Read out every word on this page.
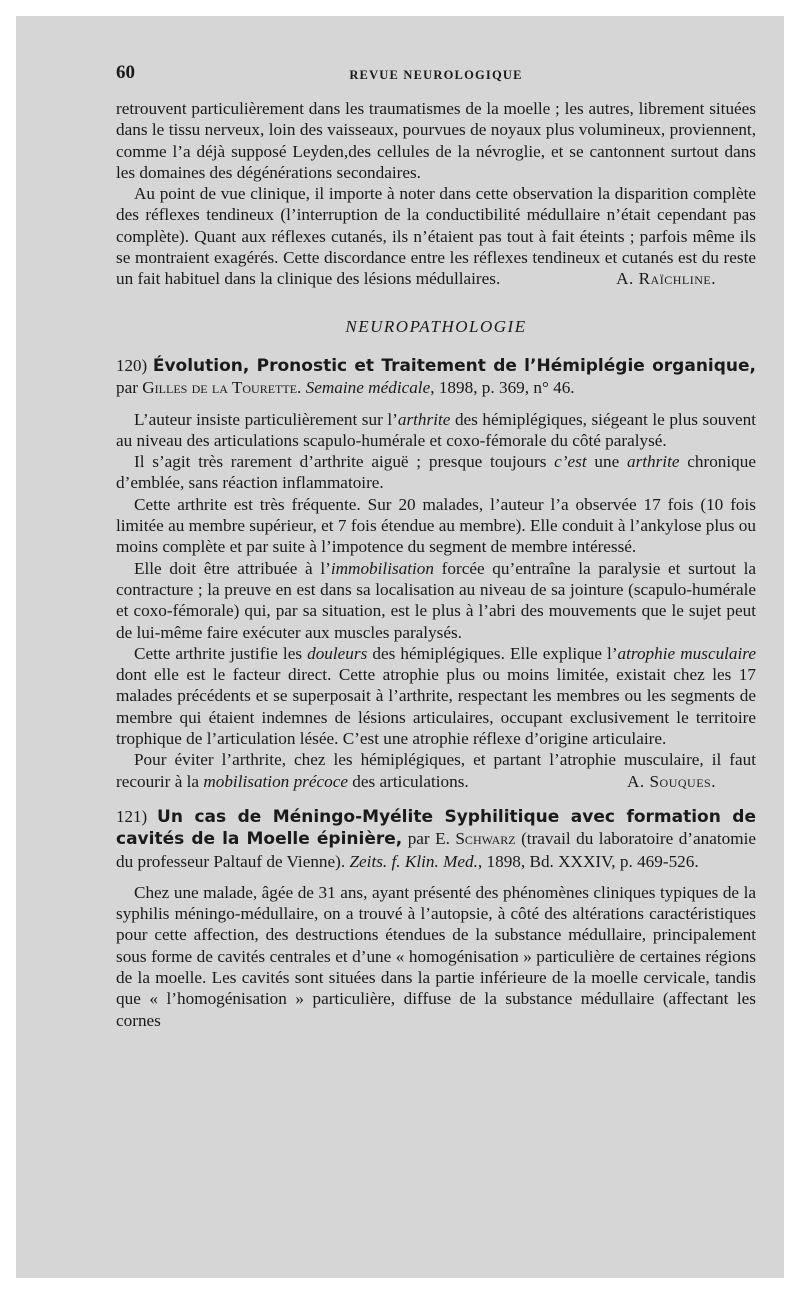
60	REVUE NEUROLOGIQUE

retrouvent particulièrement dans les traumatismes de la moelle ; les autres, librement situées dans le tissu nerveux, loin des vaisseaux, pourvues de noyaux plus volumineux, proviennent, comme l’a déjà supposé Leyden,des cellules de la névroglie, et se cantonnent surtout dans les domaines des dégénérations secondaires.

Au point de vue clinique, il importe à noter dans cette observation la disparition complète des réflexes tendineux (l’interruption de la conductibilité médullaire n’était cependant pas complète). Quant aux réflexes cutanés, ils n’étaient pas tout à fait éteints ; parfois même ils se montraient exagérés. Cette discordance entre les réflexes tendineux et cutanés est du reste un fait habituel dans la clinique des lésions médullaires.	A. Raïchline.

NEUROPATHOLOGIE

120) Évolution, Pronostic et Traitement de l’Hémiplégie organique, par Gilles de la Tourette. Semaine médicale, 1898, p. 369, n° 46.

L’auteur insiste particulièrement sur l’arthrite des hémiplégiques, siégeant le plus souvent au niveau des articulations scapulo-humérale et coxo-fémorale du côté paralysé.

Il s’agit très rarement d’arthrite aiguë ; presque toujours c’est une arthrite chronique d’emblée, sans réaction inflammatoire.

Cette arthrite est très fréquente. Sur 20 malades, l’auteur l’a observée 17 fois (10 fois limitée au membre supérieur, et 7 fois étendue au membre). Elle conduit à l’ankylose plus ou moins complète et par suite à l’impotence du segment de membre intéressé.

Elle doit être attribuée à l’immobilisation forcée qu’entraîne la paralysie et surtout la contracture ; la preuve en est dans sa localisation au niveau de sa jointure (scapulo-humérale et coxo-fémorale) qui, par sa situation, est le plus à l’abri des mouvements que le sujet peut de lui-même faire exécuter aux muscles paralysés.

Cette arthrite justifie les douleurs des hémiplégiques. Elle explique l’atrophie musculaire dont elle est le facteur direct. Cette atrophie plus ou moins limitée, existait chez les 17 malades précédents et se superposait à l’arthrite, respectant les membres ou les segments de membre qui étaient indemnes de lésions articulaires, occupant exclusivement le territoire trophique de l’articulation lésée. C’est une atrophie réflexe d’origine articulaire.

Pour éviter l’arthrite, chez les hémiplégiques, et partant l’atrophie musculaire, il faut recourir à la mobilisation précoce des articulations.	A. Souques.

121) Un cas de Méningo-Myélite Syphilitique avec formation de cavités de la Moelle épinière, par E. Schwarz (travail du laboratoire d’anatomie du professeur Paltauf de Vienne). Zeits. f. Klin. Med., 1898, Bd. XXXIV, p. 469-526.

Chez une malade, âgée de 31 ans, ayant présenté des phénomènes cliniques typiques de la syphilis méningo-médullaire, on a trouvé à l’autopsie, à côté des altérations caractéristiques pour cette affection, des destructions étendues de la substance médullaire, principalement sous forme de cavités centrales et d’une « homogénisation » particulière de certaines régions de la moelle. Les cavités sont situées dans la partie inférieure de la moelle cervicale, tandis que « l’homogénisation » particulière, diffuse de la substance médullaire (affectant les cornes
